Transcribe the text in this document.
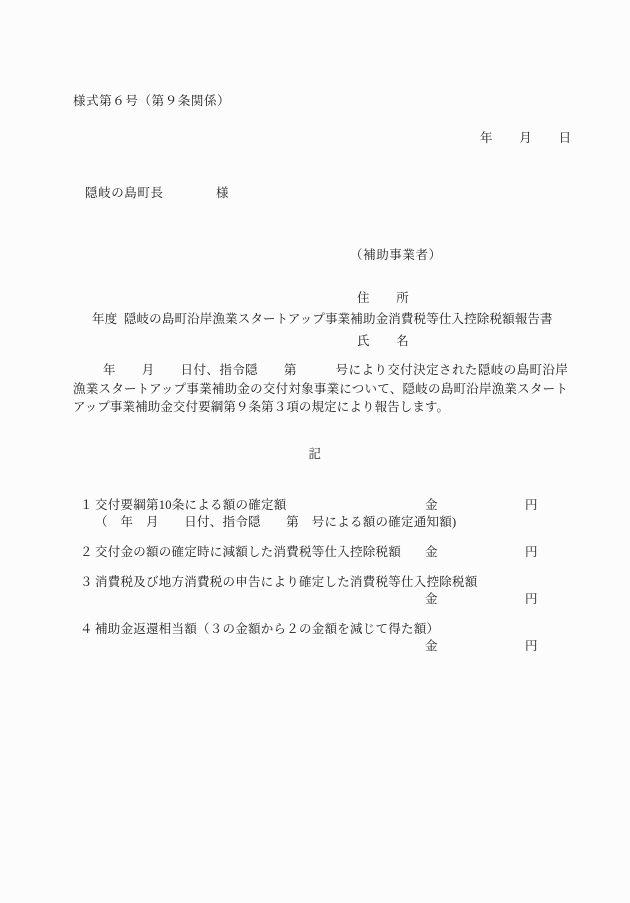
様式第６号（第９条関係）
年　　月　　日
隠岐の島町長　　　　様

（補助事業者）

住　　所

氏　　名

年度  隠岐の島町沿岸漁業スタートアップ事業補助金消費税等仕入控除税額報告書
年　　月　　日付、指令隠　　第　　　号により交付決定された隠岐の島町沿岸漁業スタートアップ事業補助金の交付対象事業について、隠岐の島町沿岸漁業スタートアップ事業補助金交付要綱第９条第３項の規定により報告します。
記
１ 交付要綱第10条による額の確定額	金	円
（　年　月　　日付、指令隠　　第　号による額の確定通知額)
２ 交付金の額の確定時に減額した消費税等仕入控除税額 金	円
３ 消費税及び地方消費税の申告により確定した消費税等仕入控除税額
金	円
４ 補助金返還相当額（３の金額から２の金額を減じて得た額）
金	円
